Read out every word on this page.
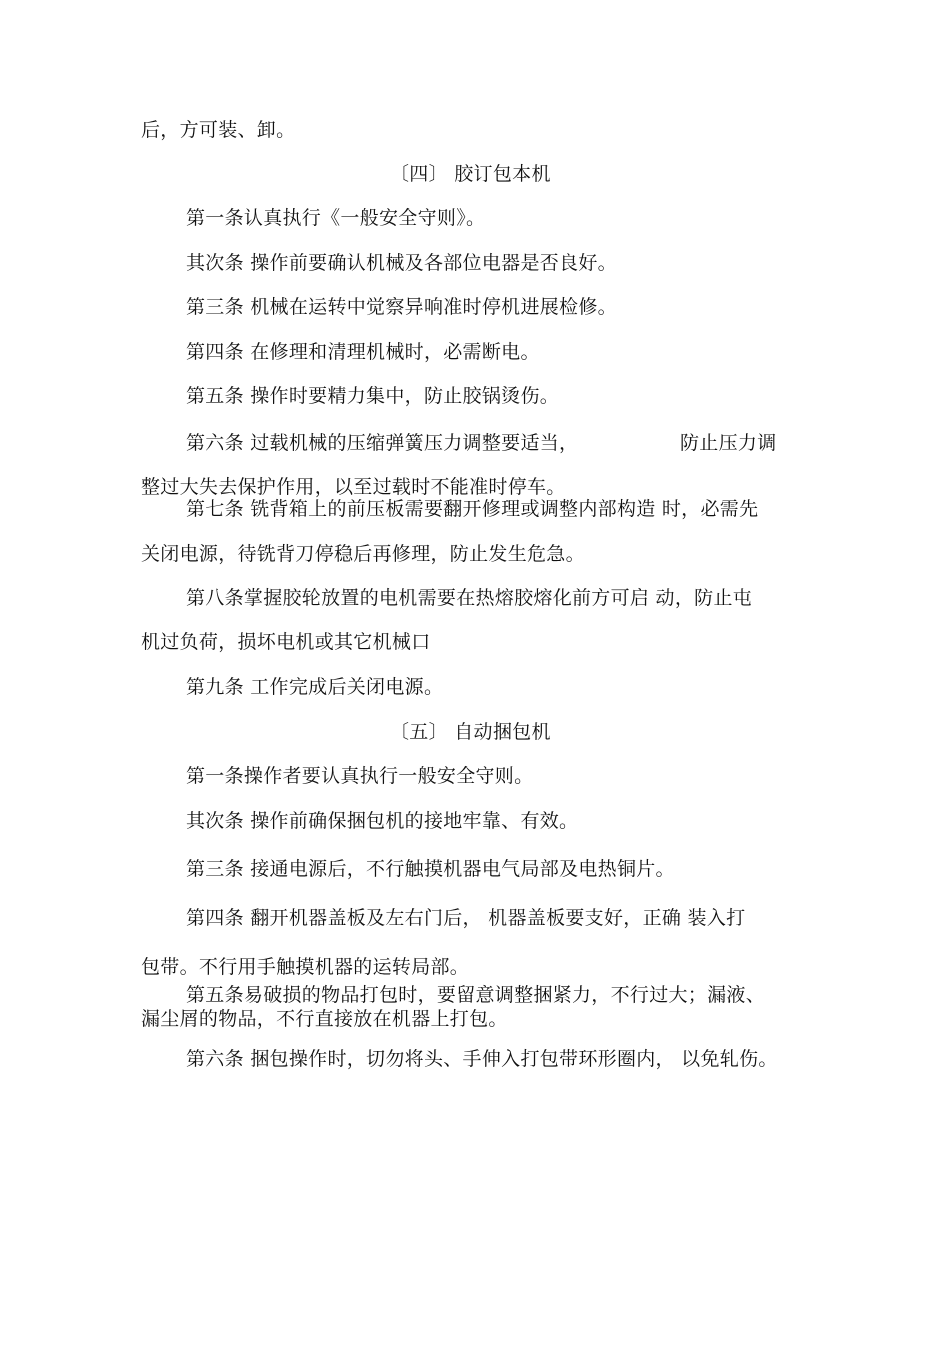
后，方可装、卸。

〔四〕 胶订包本机

第一条认真执行《一般安全守则》。

其次条 操作前要确认机械及各部位电器是否良好。

第三条 机械在运转中觉察异响准时停机进展检修。

第四条 在修理和清理机械时，必需断电。

第五条 操作时要精力集中，防止胶锅烫伤。

第六条 过载机械的压缩弹簧压力调整要适当，	防止压力调

整过大失去保护作用，以至过载时不能准时停车。

第七条 铣背箱上的前压板需要翻开修理或调整内部构造 时，必需先

关闭电源，待铣背刀停稳后再修理，防止发生危急。

第八条掌握胶轮放置的电机需要在热熔胶熔化前方可启 动，防止屯

机过负荷，损坏电机或其它机械口

第九条 工作完成后关闭电源。

〔五〕 自动捆包机

第一条操作者要认真执行一般安全守则。

其次条 操作前确保捆包机的接地牢靠、有效。

第三条 接通电源后，不行触摸机器电气局部及电热铜片。

第四条 翻开机器盖板及左右门后， 机器盖板要支好，正确 装入打

包带。不行用手触摸机器的运转局部。

第五条易破损的物品打包时，要留意调整捆紧力，不行过大；漏液、

漏尘屑的物品，不行直接放在机器上打包。

第六条 捆包操作时，切勿将头、手伸入打包带环形圈内， 以免轧伤。
